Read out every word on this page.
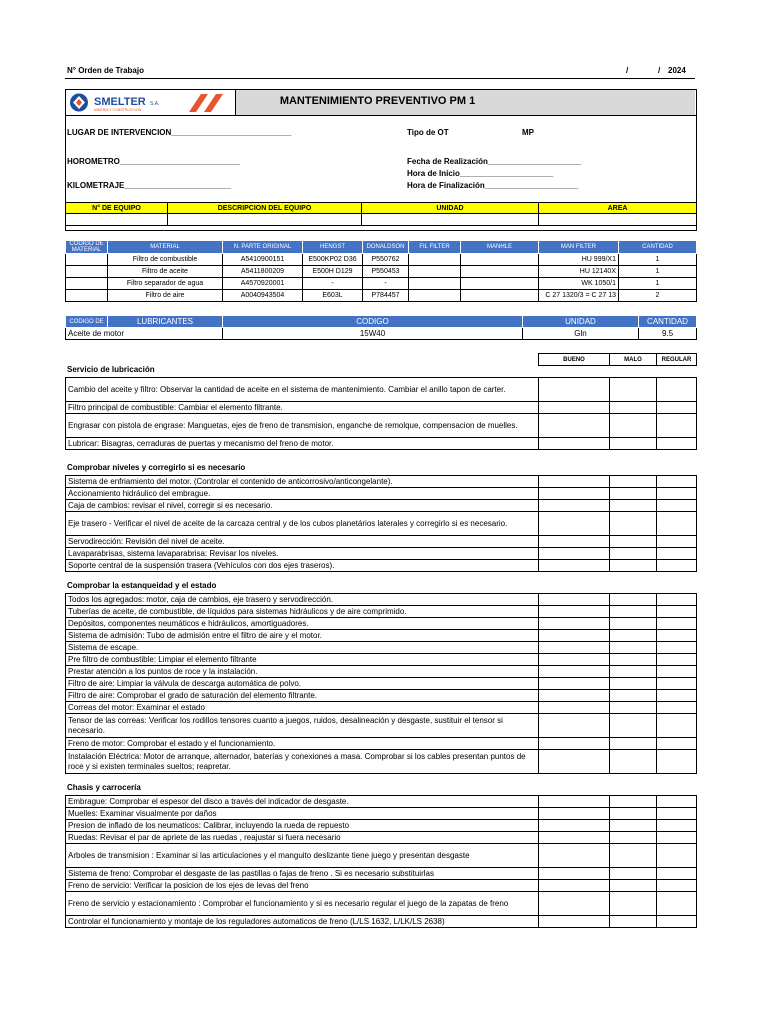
N° Orden de Trabajo	/	/ 2024
MANTENIMIENTO PREVENTIVO PM 1
SMELTER S.A.
MINERIA Y CONSTRUCCION
LUGAR DE INTERVENCION___________________________	Tipo de OT	MP
HOROMETRO___________________________	Fecha de Realización_____________________
Hora de Inicio_____________________
KILOMETRAJE________________________	Hora de Finalización_____________________
N° DE EQUIPO	DESCRIPCION DEL EQUIPO	UNIDAD	AREA

CODIGO DE MATERIAL	MATERIAL	N. PARTE ORIGINAL	HENGST	DONALDSON	FIL FILTER	MANHLE	MAN FILTER	CANTIDAD
	Filtro de combustible	A5410900151	E500KP02 D36	P550762			HU 999/X1	1
	Filtro de aceite	A5411800209	E500H D129	P550453			HU 12140X	1
	Filtro separador de agua	A4570920001	-	-			WK 1050/1	1
	Filtro de aire	A0040943504	E603L	P784457			C 27 1320/3 = C 27 13	2
CODIGO DE	LUBRICANTES	CODIGO	UNIDAD	CANTIDAD
Aceite de motor		15W40	Gln	9.5
BUENO	MALO	REGULAR
Servicio de lubricación
Cambio del aceite y filtro: Observar la cantidad de aceite en el sistema de mantenimiento. Cambiar el anillo tapon de carter.			
Filtro principal de combustible: Cambiar el elemento filtrante.			
Engrasar con pistola de engrase: Manguetas, ejes de freno de transmision, enganche de remolque, compensacion de muelles.			
Lubricar: Bisagras, cerraduras de puertas y mecanismo del freno de motor.			
Comprobar niveles y corregirlo si es necesario
Sistema de enfriamiento del motor. (Controlar el contenido de anticorrosivo/anticongelante).			
Accionamiento hidráulico del embrague.			
Caja de cambios: revisar el nivel, corregir si es necesario.			
Eje trasero - Verificar el nivel de aceite de la carcaza central y de los cubos planetários laterales y corregirlo si es necesario.			
Servodirección: Revisión del nivel de aceite.			
Lavaparabrisas, sistema lavaparabrisa: Revisar los niveles.			
Soporte central de la suspensión trasera (Vehículos con dos ejes traseros).			
Comprobar la estanqueidad y el estado
Todos los agregados: motor, caja de cambios, eje trasero y servodirección.			
Tuberías de aceite, de combustible, de líquidos para sistemas hidráulicos y de aire comprimido.			
Depósitos, componentes neumáticos e hidráulicos, amortiguadores.			
Sistema de admisión: Tubo de admisión entre el filtro de aire y el motor.			
Sistema de escape.			
Pre filtro de combustible: Limpiar el elemento filtrante			
Prestar atención a los puntos de roce y la instalación.			
Filtro de aire: Limpiar la válvula de descarga automática de polvo.			
Filtro de aire: Comprobar el grado de saturación del elemento filtrante.			
Correas del motor: Examinar el estado			
Tensor de las correas: Verificar los rodillos tensores cuanto a juegos, ruidos, desalineación y desgaste, sustituir el tensor si necesario.			
Freno de motor: Comprobar el estado y el funcionamiento.			
Instalación Eléctrica: Motor de arranque, alternador, baterías y conexiones a masa. Comprobar si los cables presentan puntos de roce y si existen terminales sueltos; reapretar.			
Chasis y carrocería
Embrague: Comprobar el espesor del disco a través del indicador de desgaste.			
Muelles: Examinar visualmente por daños			
Presion de inflado de los neumaticos: Calibrar, incluyendo la rueda de repuesto			
Ruedas: Revisar el par de apriete de las ruedas , reajustar si fuera necesario			
Arboles de transmision : Examinar si las articulaciones y el manguito deslizante tiene juego y presentan desgaste			
Sistema de freno: Comprobar el desgaste de las pastillas o fajas de freno . Si es necesario substituirlas			
Freno de servicio: Verificar la posicion de los ejes de levas del freno			
Freno de servicio y estacionamiento : Comprobar el funcionamiento y si es necesario regular el juego de la zapatas de freno			
Controlar el funcionamiento y montaje de los reguladores automaticos de freno (L/LS 1632, L/LK/LS 2638)			
